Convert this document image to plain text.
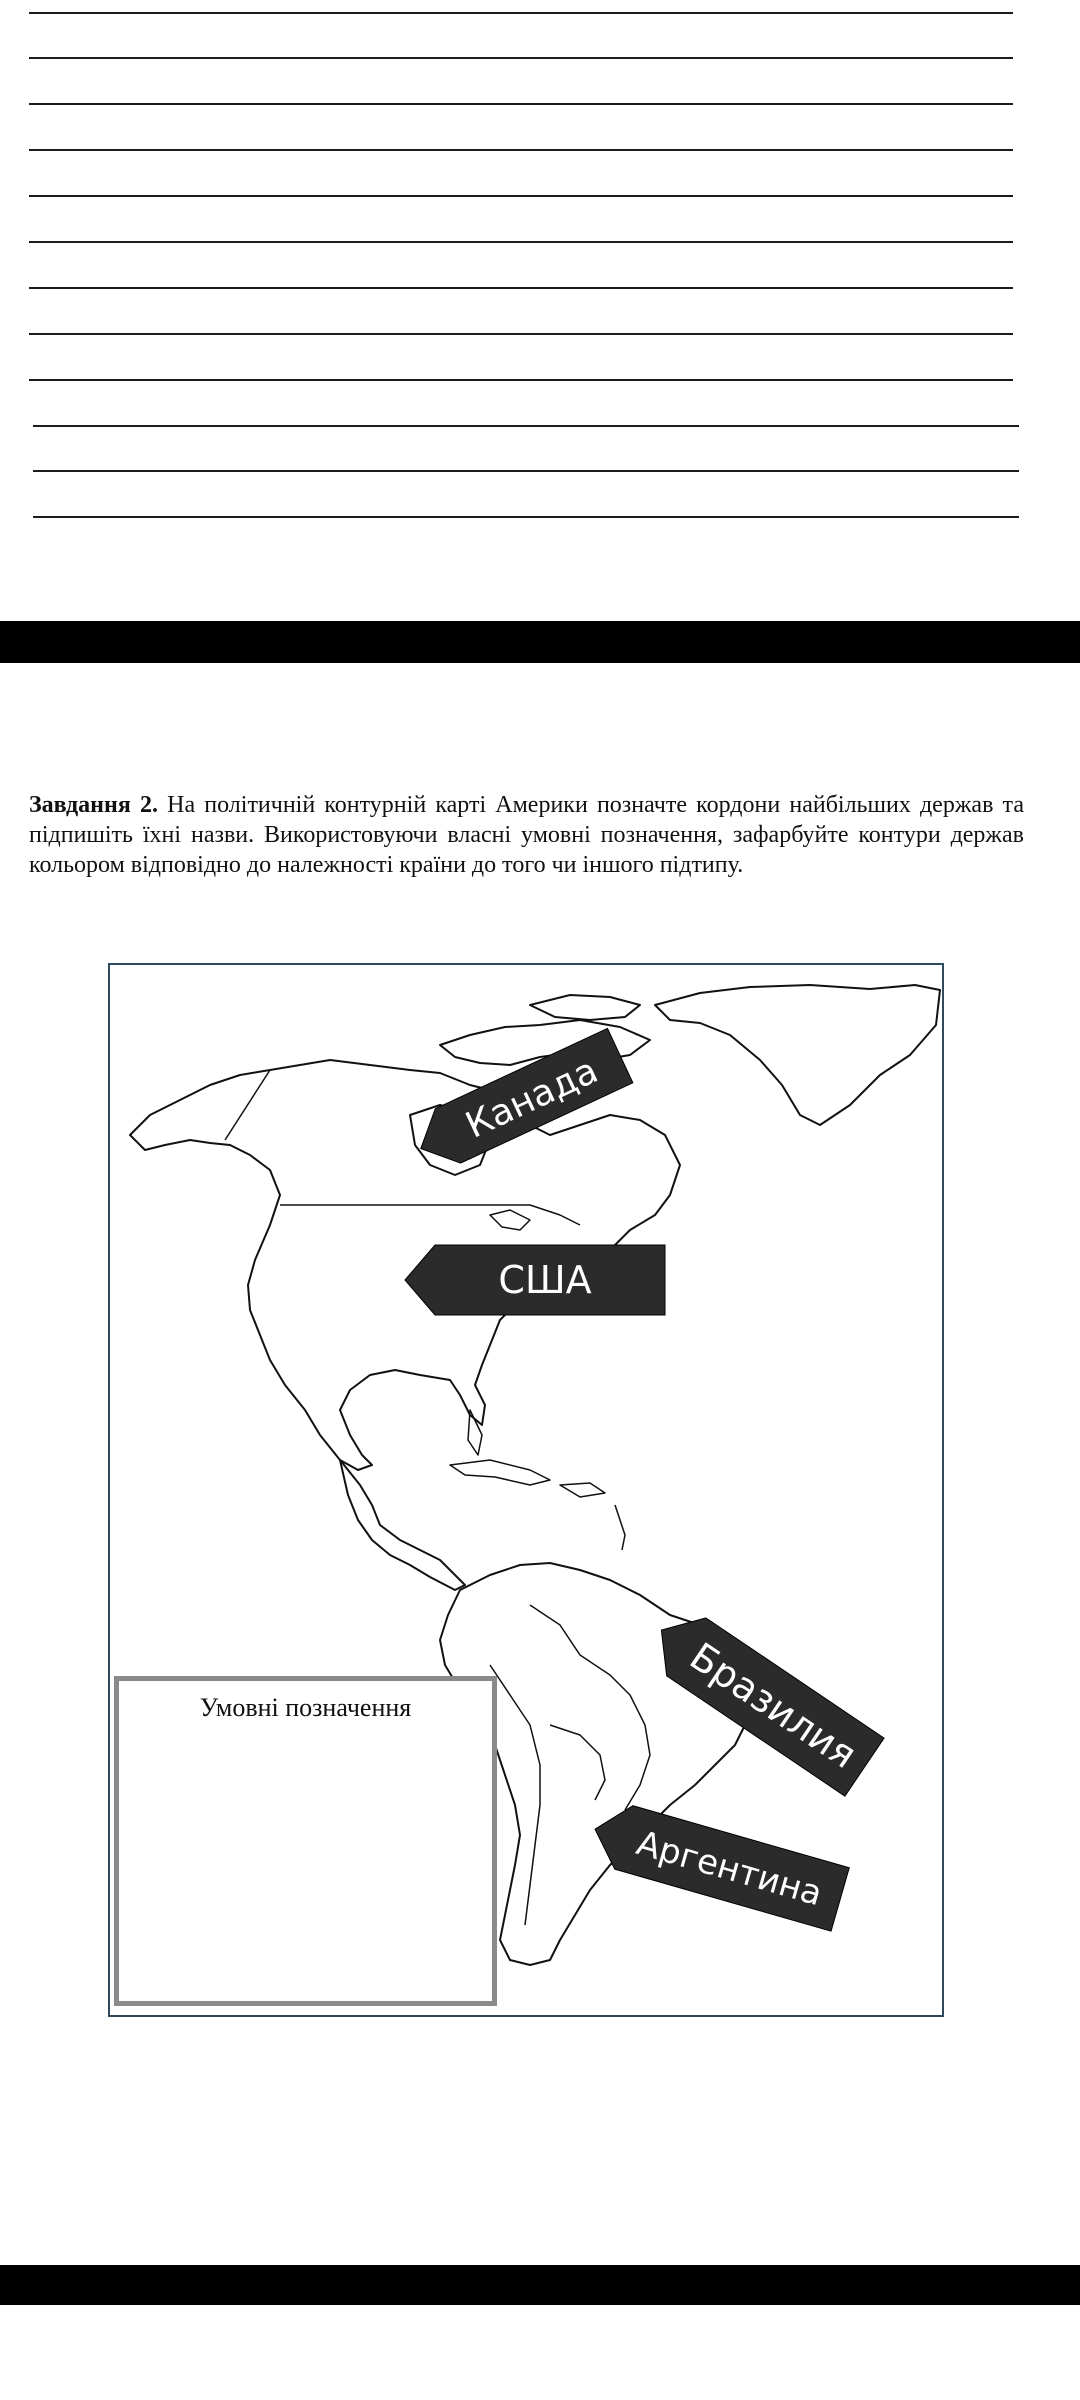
Завдання 2. На політичній контурній карті Америки позначте кордони найбільших держав та підпишіть їхні назви. Використовуючи власні умовні позначення, зафарбуйте контури держав кольором відповідно до належності країни до того чи іншого підтипу.
Умовні позначення
Канада
США
Бразилия
Аргентина
